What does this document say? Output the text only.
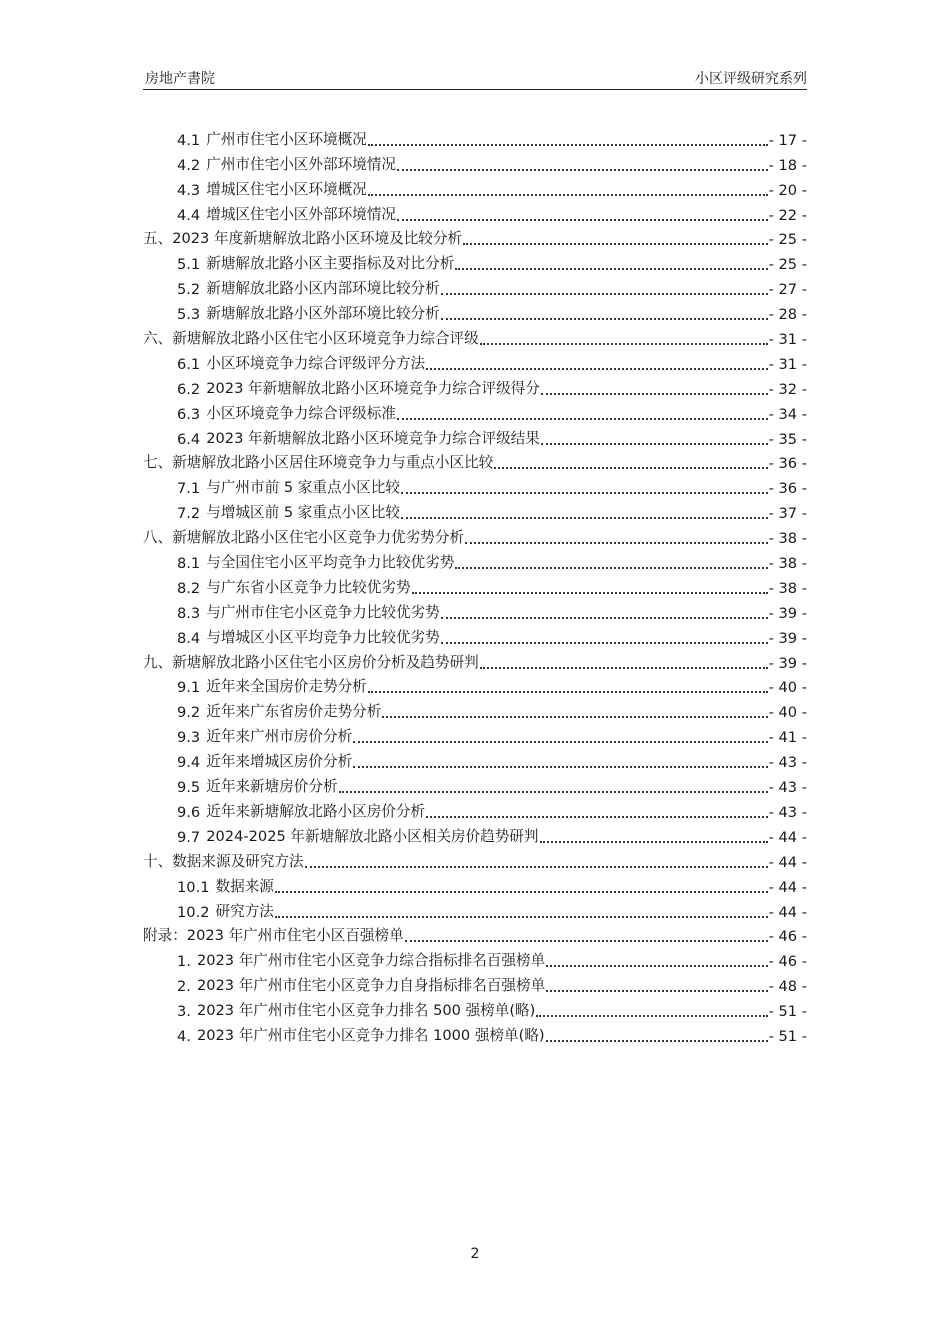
房地产書院	小区评级研究系列
4.1 广州市住宅小区环境概况	- 17 -
4.2 广州市住宅小区外部环境情况	- 18 -
4.3 增城区住宅小区环境概况	- 20 -
4.4 增城区住宅小区外部环境情况	- 22 -
五、 2023 年度新塘解放北路小区环境及比较分析	- 25 -
5.1 新塘解放北路小区主要指标及对比分析	- 25 -
5.2 新塘解放北路小区内部环境比较分析	- 27 -
5.3 新塘解放北路小区外部环境比较分析	- 28 -
六、 新塘解放北路小区住宅小区环境竞争力综合评级	- 31 -
6.1 小区环境竞争力综合评级评分方法	- 31 -
6.2 2023 年新塘解放北路小区环境竞争力综合评级得分	- 32 -
6.3 小区环境竞争力综合评级标准	- 34 -
6.4 2023 年新塘解放北路小区环境竞争力综合评级结果	- 35 -
七、 新塘解放北路小区居住环境竞争力与重点小区比较	- 36 -
7.1 与广州市前 5 家重点小区比较	- 36 -
7.2 与增城区前 5 家重点小区比较	- 37 -
八、 新塘解放北路小区住宅小区竞争力优劣势分析	- 38 -
8.1 与全国住宅小区平均竞争力比较优劣势	- 38 -
8.2 与广东省小区竞争力比较优劣势	- 38 -
8.3 与广州市住宅小区竞争力比较优劣势	- 39 -
8.4 与增城区小区平均竞争力比较优劣势	- 39 -
九、 新塘解放北路小区住宅小区房价分析及趋势研判	- 39 -
9.1 近年来全国房价走势分析	- 40 -
9.2 近年来广东省房价走势分析	- 40 -
9.3 近年来广州市房价分析	- 41 -
9.4 近年来增城区房价分析	- 43 -
9.5 近年来新塘房价分析	- 43 -
9.6 近年来新塘解放北路小区房价分析	- 43 -
9.7 2024-2025 年新塘解放北路小区相关房价趋势研判	- 44 -
十、 数据来源及研究方法	- 44 -
10.1 数据来源	- 44 -
10.2 研究方法	- 44 -
附录： 2023 年广州市住宅小区百强榜单	- 46 -
1. 2023 年广州市住宅小区竞争力综合指标排名百强榜单	- 46 -
2. 2023 年广州市住宅小区竞争力自身指标排名百强榜单	- 48 -
3. 2023 年广州市住宅小区竞争力排名 500 强榜单(略)	- 51 -
4. 2023 年广州市住宅小区竞争力排名 1000 强榜单(略)	- 51 -
2
